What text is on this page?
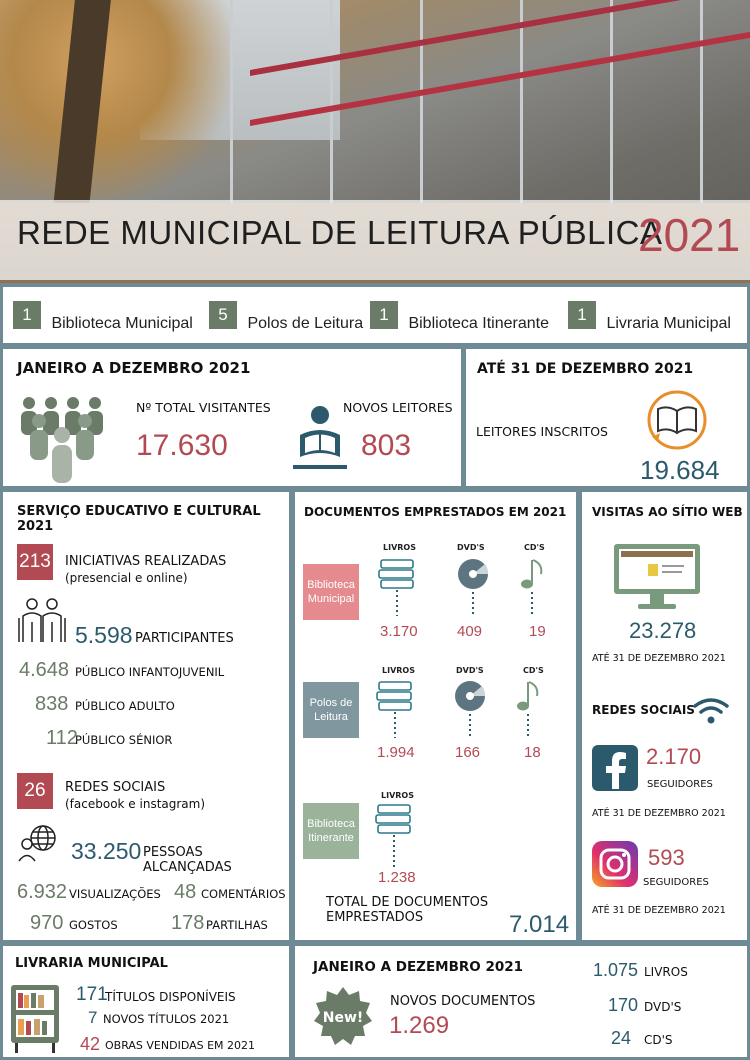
REDE MUNICIPAL DE LEITURA PÚBLICA
2021
1 Biblioteca Municipal	5 Polos de Leitura 1 Biblioteca Itinerante	1 Livraria Municipal
JANEIRO A DEZEMBRO 2021
Nº TOTAL VISITANTES
17.630
NOVOS LEITORES
803
ATÉ 31 DE DEZEMBRO 2021
LEITORES INSCRITOS
19.684
SERVIÇO EDUCATIVO E CULTURAL 2021
213 INICIATIVAS REALIZADAS
(presencial e online)
5.598 PARTICIPANTES
4.648 PÚBLICO INFANTOJUVENIL
838 PÚBLICO ADULTO
112
PÚBLICO SÉNIOR
26	REDES SOCIAIS
(facebook e instagram)
33.250 PESSOAS ALCANÇADAS
6.932 VISUALIZAÇÕES 48 COMENTÁRIOS
970 GOSTOS	178 PARTILHAS
DOCUMENTOS EMPRESTADOS EM 2021
LIVROS	DVD'S	CD'S
Biblioteca Municipal
3.170	409	19
LIVROS	DVD'S	CD'S
Polos de Leitura
1.994	166	18
LIVROS
Biblioteca Itinerante
1.238
TOTAL DE DOCUMENTOS EMPRESTADOS	7.014
VISITAS AO SÍTIO WEB
23.278
ATÉ 31 DE DEZEMBRO 2021
REDES SOCIAIS
2.170
SEGUIDORES
ATÉ 31 DE DEZEMBRO 2021
593
SEGUIDORES
ATÉ 31 DE DEZEMBRO 2021
LIVRARIA MUNICIPAL
171
TÍTULOS DISPONÍVEIS
7 NOVOS TÍTULOS 2021
42 OBRAS VENDIDAS EM 2021
JANEIRO A DEZEMBRO 2021
New!
NOVOS DOCUMENTOS
1.269
1.075 LIVROS
170 DVD'S
24 CD'S
